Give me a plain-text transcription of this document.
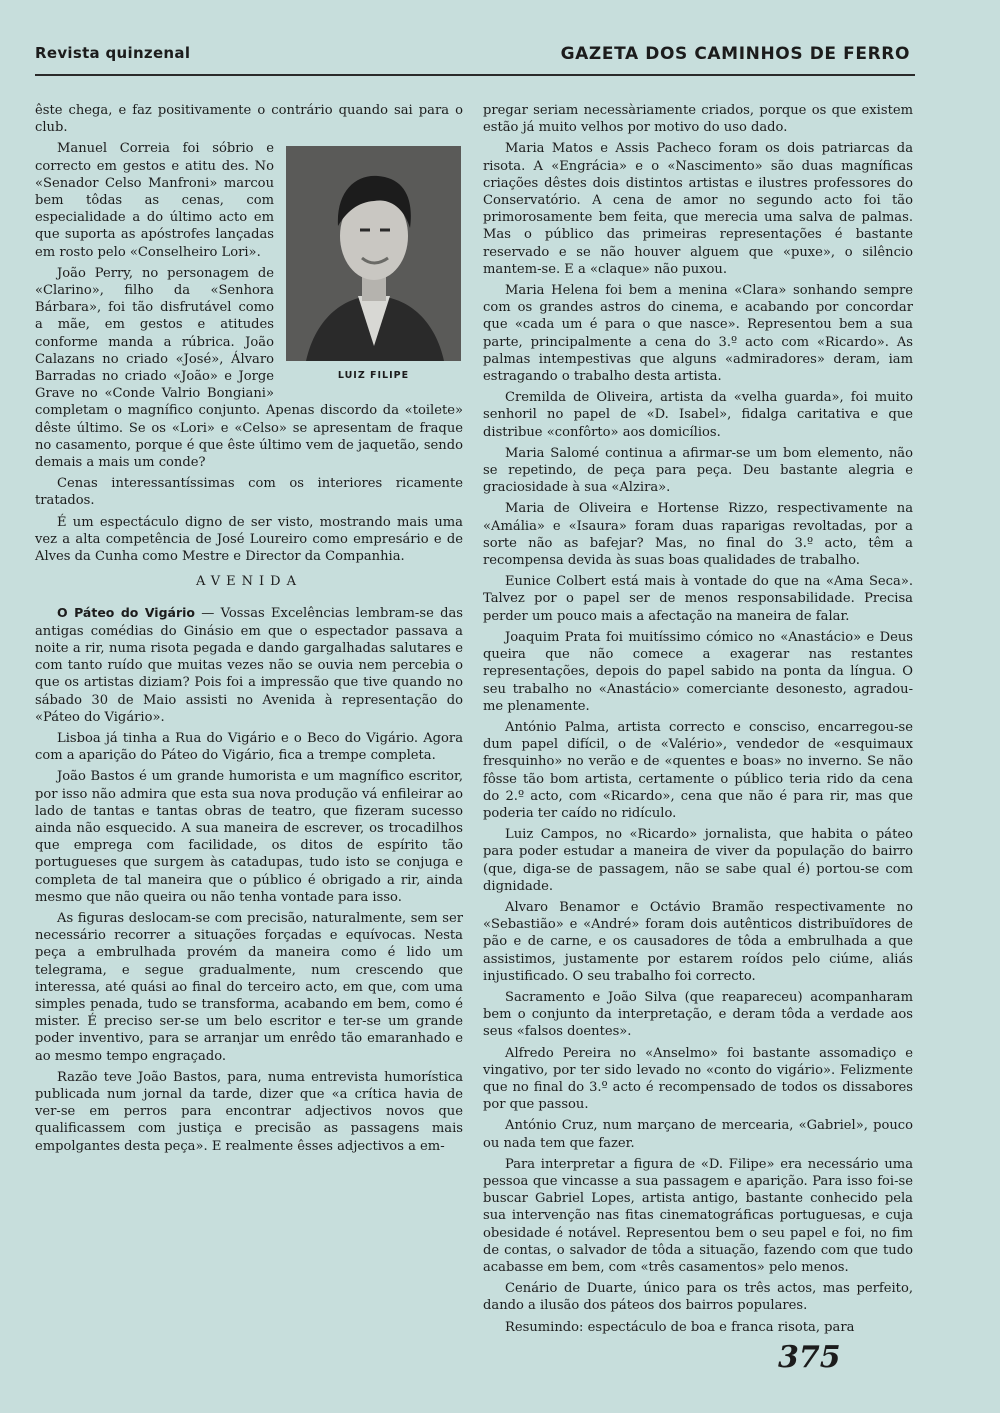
Revista quinzenal	GAZETA DOS CAMINHOS DE FERRO

êste chega, e faz positivamente o contrário quando sai para o club.

LUIZ FILIPE

Manuel Correia foi sóbrio e correcto em gestos e atitu des. No «Senador Celso Manfroni» marcou bem tôdas as cenas, com especialidade a do último acto em que suporta as apóstrofes lançadas em rosto pelo «Conselheiro Lori».

João Perry, no personagem de «Clarino», filho da «Senhora Bárbara», foi tão disfrutável como a mãe, em gestos e atitudes conforme manda a rúbrica. João Calazans no criado «José», Álvaro Barradas no criado «João» e Jorge Grave no «Conde Valrio Bongiani» completam o magnífico conjunto. Apenas discordo da «toilete» dêste último. Se os «Lori» e «Celso» se apresentam de fraque no casamento, porque é que êste último vem de jaquetão, sendo demais a mais um conde?

Cenas interessantíssimas com os interiores ricamente tratados.

É um espectáculo digno de ser visto, mostrando mais uma vez a alta competência de José Loureiro como empresário e de Alves da Cunha como Mestre e Director da Companhia.

AVENIDA

O Páteo do Vigário — Vossas Excelências lembram-se das antigas comédias do Ginásio em que o espectador passava a noite a rir, numa risota pegada e dando gargalhadas salutares e com tanto ruído que muitas vezes não se ouvia nem percebia o que os artistas diziam? Pois foi a impressão que tive quando no sábado 30 de Maio assisti no Avenida à representação do «Páteo do Vigário».

Lisboa já tinha a Rua do Vigário e o Beco do Vigário. Agora com a aparição do Páteo do Vigário, fica a trempe completa.

João Bastos é um grande humorista e um magnífico escritor, por isso não admira que esta sua nova produção vá enfileirar ao lado de tantas e tantas obras de teatro, que fizeram sucesso ainda não esquecido. A sua maneira de escrever, os trocadilhos que emprega com facilidade, os ditos de espírito tão portugueses que surgem às catadupas, tudo isto se conjuga e completa de tal maneira que o público é obrigado a rir, ainda mesmo que não queira ou não tenha vontade para isso.

As figuras deslocam-se com precisão, naturalmente, sem ser necessário recorrer a situações forçadas e equívocas. Nesta peça a embrulhada provém da maneira como é lido um telegrama, e segue gradualmente, num crescendo que interessa, até quási ao final do terceiro acto, em que, com uma simples penada, tudo se transforma, acabando em bem, como é mister. É preciso ser-se um belo escritor e ter-se um grande poder inventivo, para se arranjar um enrêdo tão emaranhado e ao mesmo tempo engraçado.

Razão teve João Bastos, para, numa entrevista humorística publicada num jornal da tarde, dizer que «a crítica havia de ver-se em perros para encontrar adjectivos novos que qualificassem com justiça e precisão as passagens mais empolgantes desta peça». E realmente êsses adjectivos a em-

pregar seriam necessàriamente criados, porque os que existem estão já muito velhos por motivo do uso dado.

Maria Matos e Assis Pacheco foram os dois patriarcas da risota. A «Engrácia» e o «Nascimento» são duas magníficas criações dêstes dois distintos artistas e ilustres professores do Conservatório. A cena de amor no segundo acto foi tão primorosamente bem feita, que merecia uma salva de palmas. Mas o público das primeiras representações é bastante reservado e se não houver alguem que «puxe», o silêncio mantem-se. E a «claque» não puxou.

Maria Helena foi bem a menina «Clara» sonhando sempre com os grandes astros do cinema, e acabando por concordar que «cada um é para o que nasce». Representou bem a sua parte, principalmente a cena do 3.º acto com «Ricardo». As palmas intempestivas que alguns «admiradores» deram, iam estragando o trabalho desta artista.

Cremilda de Oliveira, artista da «velha guarda», foi muito senhoril no papel de «D. Isabel», fidalga caritativa e que distribue «confôrto» aos domicílios.

Maria Salomé continua a afirmar-se um bom elemento, não se repetindo, de peça para peça. Deu bastante alegria e graciosidade à sua «Alzira».

Maria de Oliveira e Hortense Rizzo, respectivamente na «Amália» e «Isaura» foram duas raparigas revoltadas, por a sorte não as bafejar? Mas, no final do 3.º acto, têm a recompensa devida às suas boas qualidades de trabalho.

Eunice Colbert está mais à vontade do que na «Ama Seca». Talvez por o papel ser de menos responsabilidade. Precisa perder um pouco mais a afectação na maneira de falar.

Joaquim Prata foi muitíssimo cómico no «Anastácio» e Deus queira que não comece a exagerar nas restantes representações, depois do papel sabido na ponta da língua. O seu trabalho no «Anastácio» comerciante desonesto, agradou-me plenamente.

António Palma, artista correcto e consciso, encarregou-se dum papel difícil, o de «Valério», vendedor de «esquimaux fresquinho» no verão e de «quentes e boas» no inverno. Se não fôsse tão bom artista, certamente o público teria rido da cena do 2.º acto, com «Ricardo», cena que não é para rir, mas que poderia ter caído no ridículo.

Luiz Campos, no «Ricardo» jornalista, que habita o páteo para poder estudar a maneira de viver da população do bairro (que, diga-se de passagem, não se sabe qual é) portou-se com dignidade.

Alvaro Benamor e Octávio Bramão respectivamente no «Sebastião» e «André» foram dois autênticos distribuïdores de pão e de carne, e os causadores de tôda a embrulhada a que assistimos, justamente por estarem roídos pelo ciúme, aliás injustificado. O seu trabalho foi correcto.

Sacramento e João Silva (que reapareceu) acompanharam bem o conjunto da interpretação, e deram tôda a verdade aos seus «falsos doentes».

Alfredo Pereira no «Anselmo» foi bastante assomadiço e vingativo, por ter sido levado no «conto do vigário». Felizmente que no final do 3.º acto é recompensado de todos os dissabores por que passou.

António Cruz, num marçano de mercearia, «Gabriel», pouco ou nada tem que fazer.

Para interpretar a figura de «D. Filipe» era necessário uma pessoa que vincasse a sua passagem e aparição. Para isso foi-se buscar Gabriel Lopes, artista antigo, bastante conhecido pela sua intervenção nas fitas cinematográficas portuguesas, e cuja obesidade é notável. Representou bem o seu papel e foi, no fim de contas, o salvador de tôda a situação, fazendo com que tudo acabasse em bem, com «três casamentos» pelo menos.

Cenário de Duarte, único para os três actos, mas perfeito, dando a ilusão dos páteos dos bairros populares.

Resumindo: espectáculo de boa e franca risota, para

375
